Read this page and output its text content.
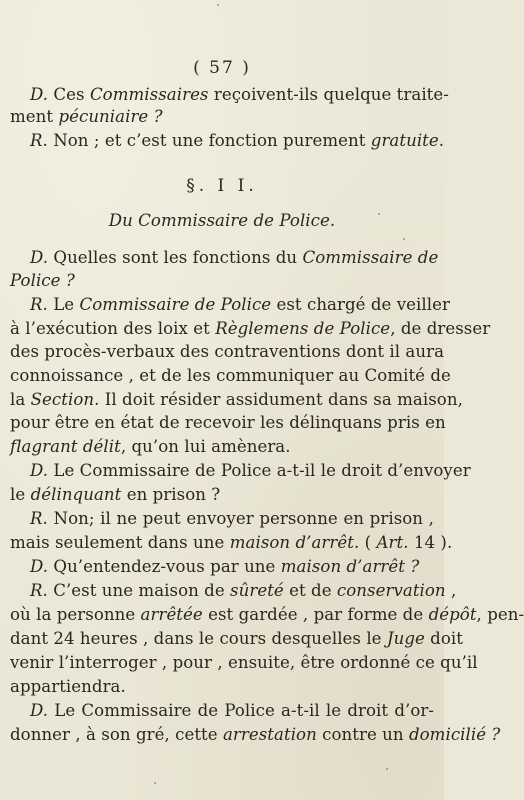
( 57 )
D. Ces Commissaires reçoivent-ils quelque traite-
ment pécuniaire ?
R. Non ; et c’est une fonction purement gratuite.
§. I I.
Du Commissaire de Police.
D. Quelles sont les fonctions du Commissaire de
Police ?
R. Le Commissaire de Police est chargé de veiller
à l’exécution des loix et Règlemens de Police, de dresser
des procès-verbaux des contraventions dont il aura
connoissance , et de les communiquer au Comité de
la Section. Il doit résider assidument dans sa maison,
pour être en état de recevoir les délinquans pris en
flagrant délit, qu’on lui amènera.
D. Le Commissaire de Police a-t-il le droit d’envoyer
le délinquant en prison ?
R. Non; il ne peut envoyer personne en prison ,
mais seulement dans une maison d’arrêt. ( Art. 14 ).
D. Qu’entendez-vous par une maison d’arrêt ?
R. C’est une maison de sûreté et de conservation ,
où la personne arrêtée est gardée , par forme de dépôt, pen-
dant 24 heures , dans le cours desquelles le Juge doit
venir l’interroger , pour , ensuite, être ordonné ce qu’il
appartiendra.
D. Le Commissaire de Police a-t-il le droit d’or-
donner , à son gré, cette arrestation contre un domicilié ?
